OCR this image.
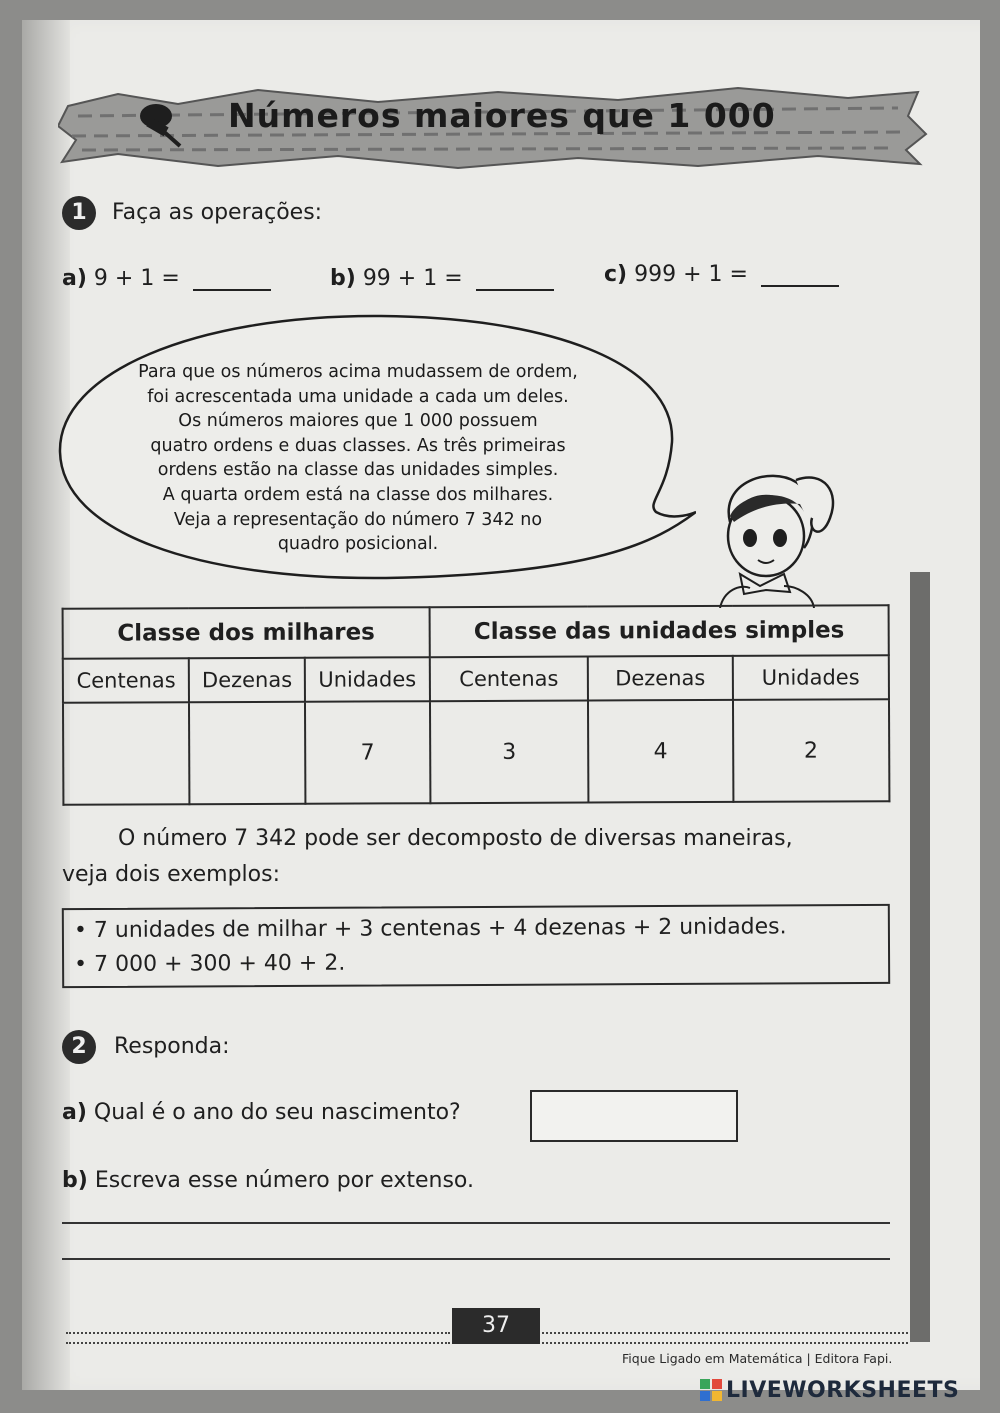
Números maiores que 1 000
1	Faça as operações:
a) 9 + 1 =	b) 99 + 1 =	c) 999 + 1 =
Para que os números acima mudassem de ordem,
foi acrescentada uma unidade a cada um deles.
Os números maiores que 1 000 possuem
quatro ordens e duas classes. As três primeiras
ordens estão na classe das unidades simples.
A quarta ordem está na classe dos milhares.
Veja a representação do número 7 342 no
quadro posicional.
Classe dos milhares			Classe das unidades simples		
Centenas	Dezenas	Unidades	Centenas	Dezenas	Unidades
		7	3	4	2
O número 7 342 pode ser decomposto de diversas maneiras,
veja dois exemplos:
• 7 unidades de milhar + 3 centenas + 4 dezenas + 2 unidades.
• 7 000 + 300 + 40 + 2.
2	Responda:
a) Qual é o ano do seu nascimento?
b) Escreva esse número por extenso.
37
Fique Ligado em Matemática | Editora Fapi.
LIVEWORKSHEETS
